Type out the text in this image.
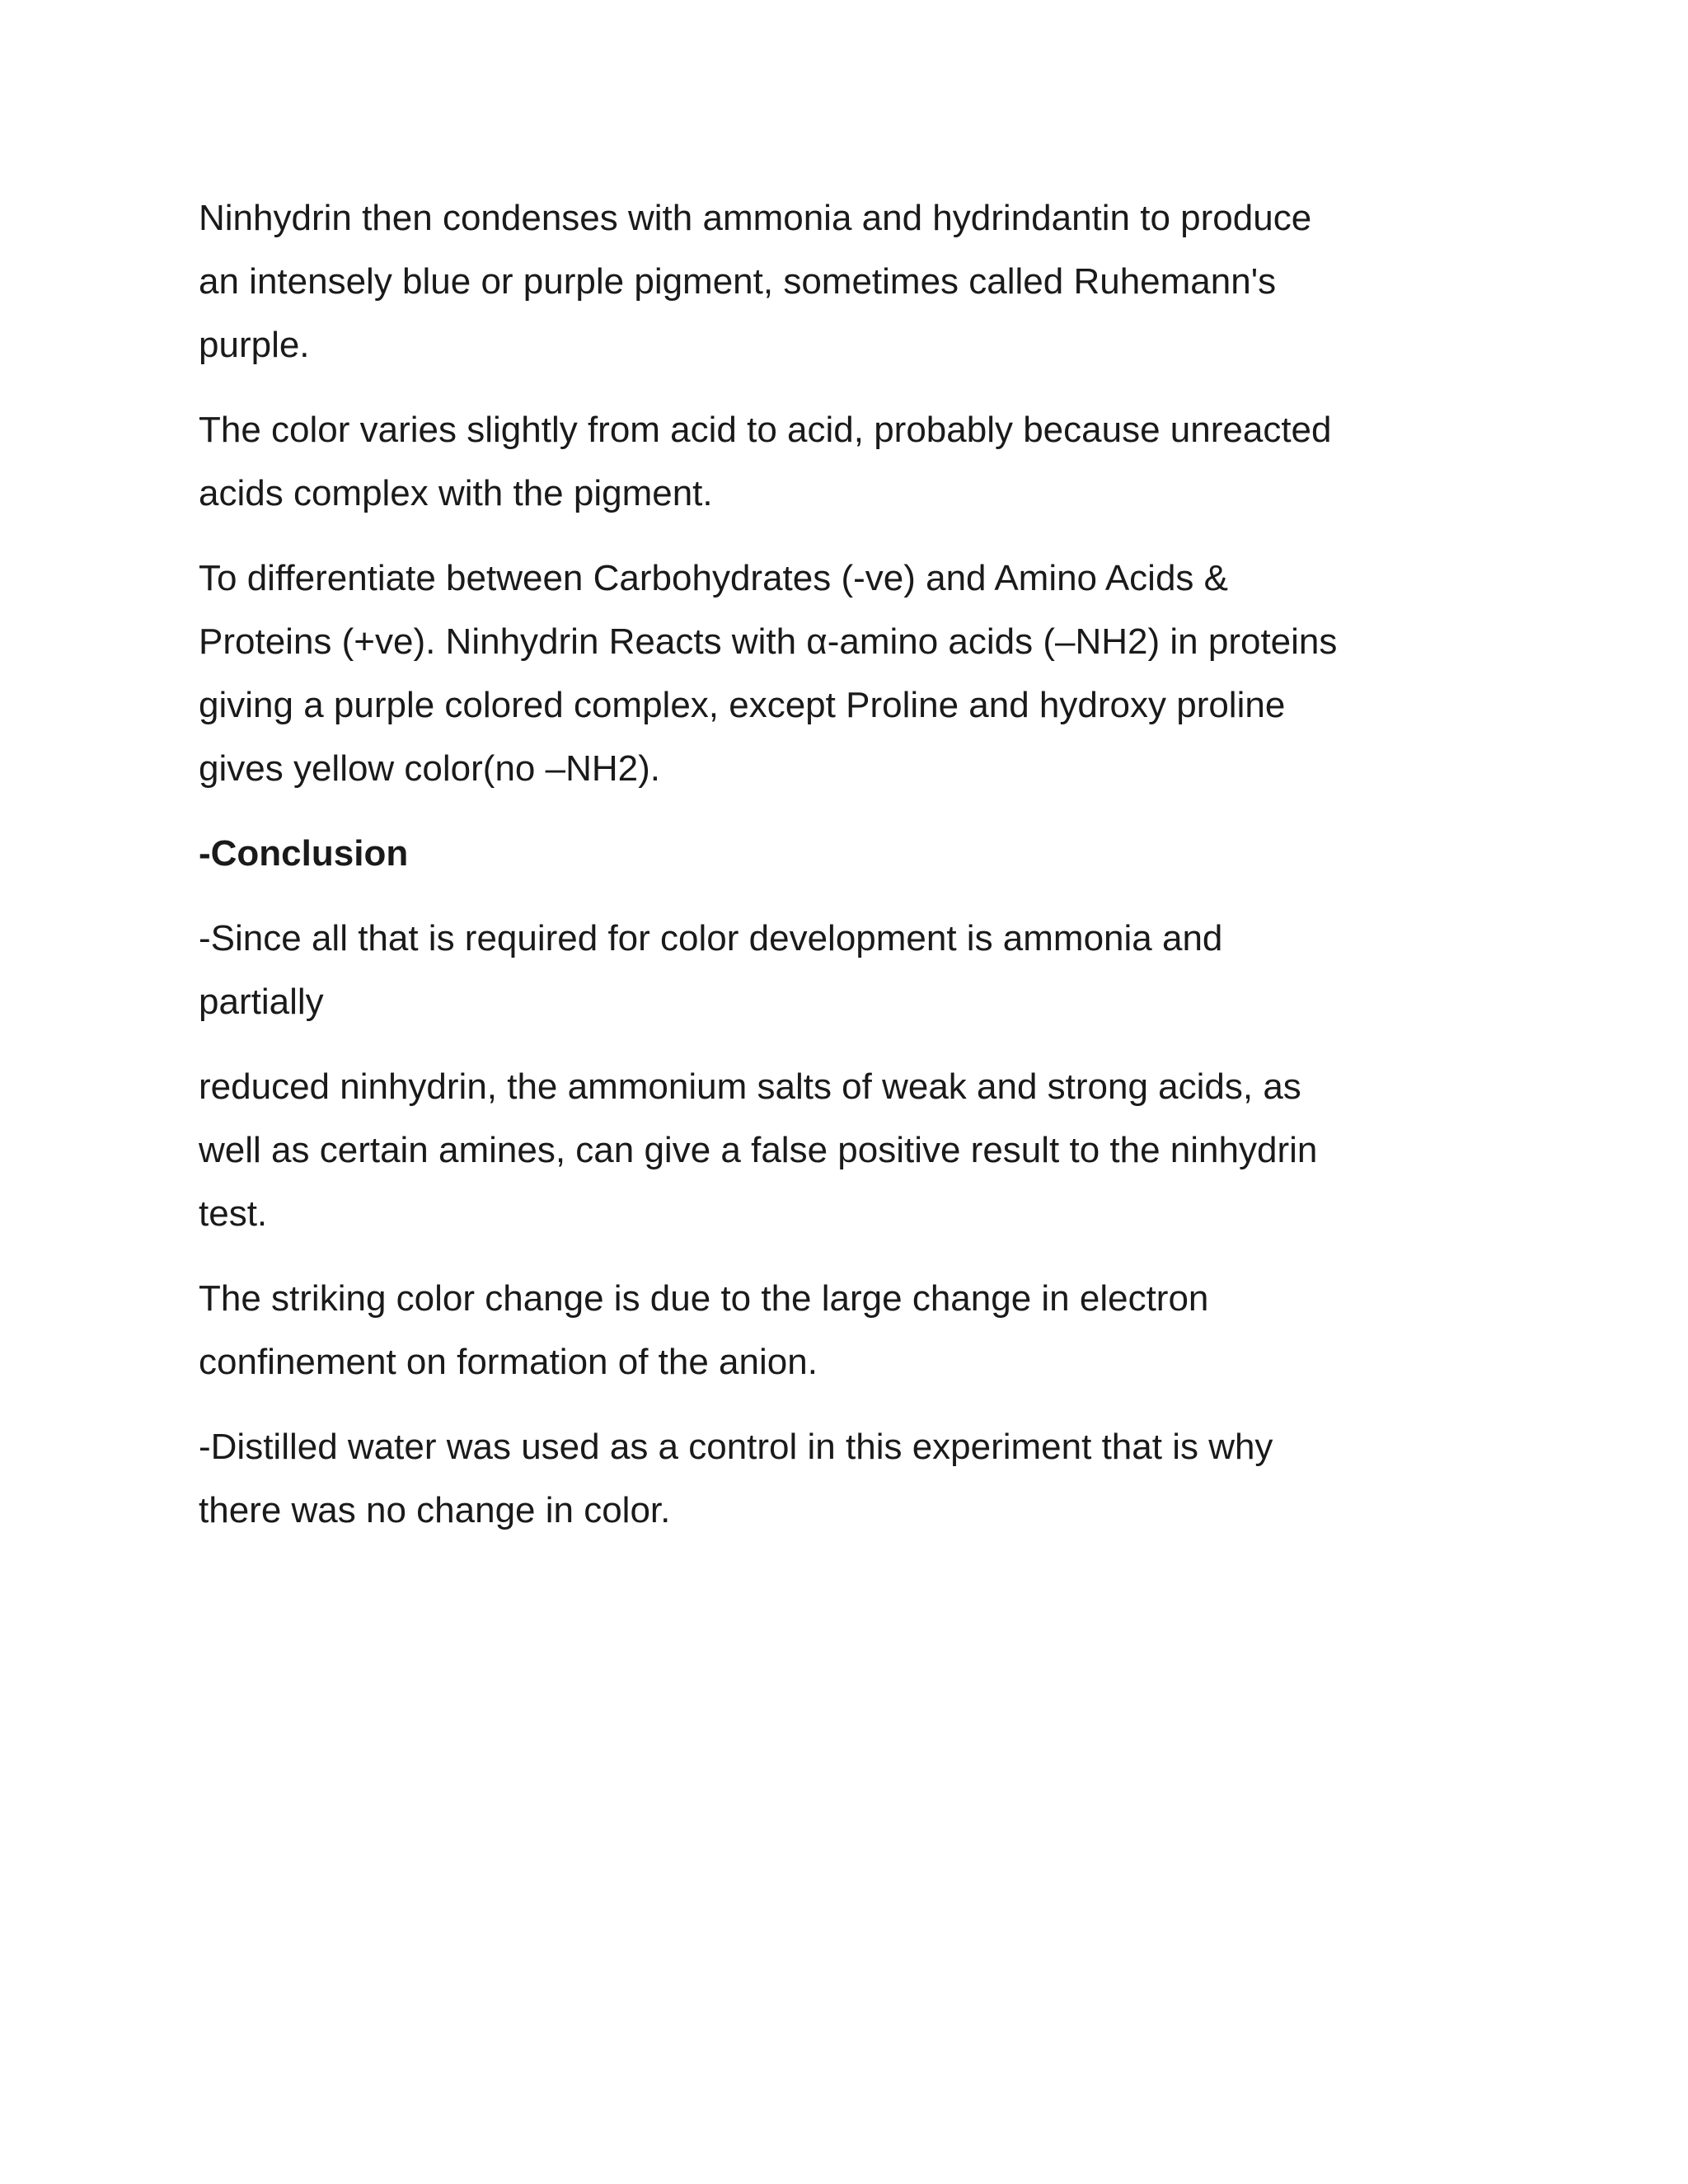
Ninhydrin then condenses with ammonia and hydrindantin to produce
an intensely blue or purple pigment, sometimes called Ruhemann's
purple.

The color varies slightly from acid to acid, probably because unreacted
acids complex with the pigment.

To differentiate between Carbohydrates (-ve) and Amino Acids &
Proteins (+ve). Ninhydrin Reacts with α-amino acids (–NH2) in proteins
giving a purple colored complex, except Proline and hydroxy proline
gives yellow color(no –NH2).

-Conclusion

-Since all that is required for color development is ammonia and
partially

reduced ninhydrin, the ammonium salts of weak and strong acids, as
well as certain amines, can give a false positive result to the ninhydrin
test.

The striking color change is due to the large change in electron
confinement on formation of the anion.

-Distilled water was used as a control in this experiment that is why
there was no change in color.
